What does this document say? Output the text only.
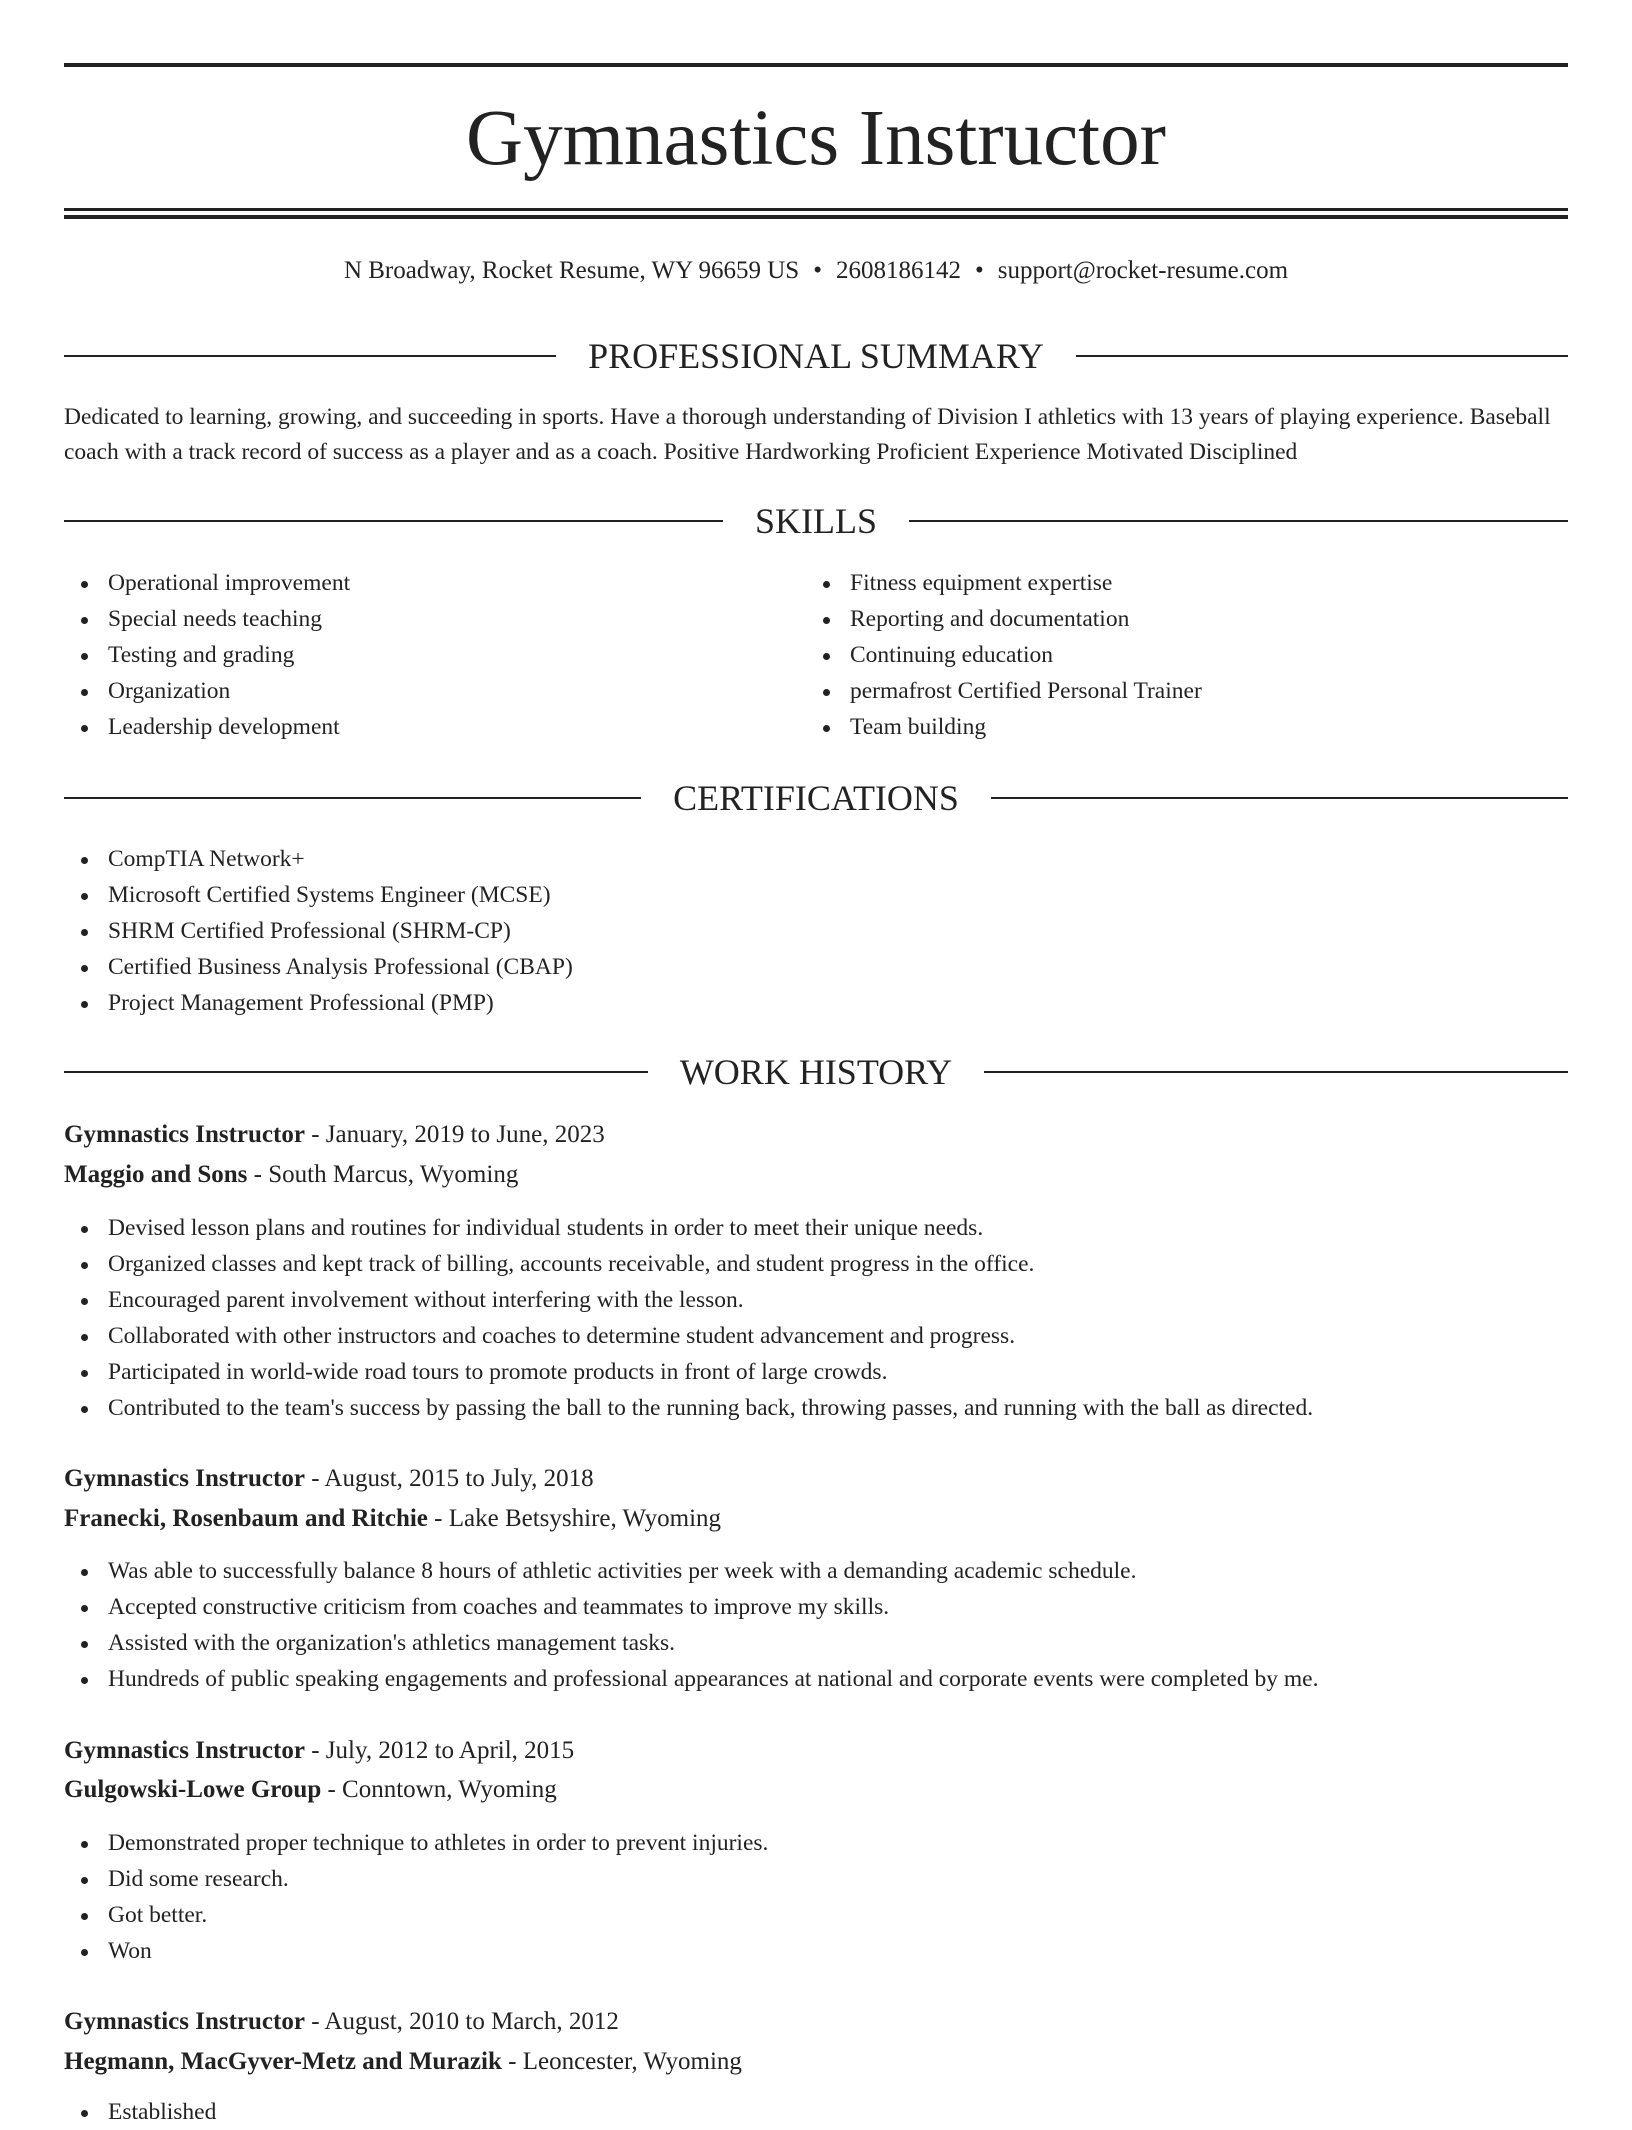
Gymnastics Instructor
N Broadway, Rocket Resume, WY 96659 US • 2608186142 • support@rocket-resume.com
PROFESSIONAL SUMMARY
Dedicated to learning, growing, and succeeding in sports. Have a thorough understanding of Division I athletics with 13 years of playing experience. Baseball coach with a track record of success as a player and as a coach. Positive Hardworking Proficient Experience Motivated Disciplined
SKILLS
Operational improvement
Special needs teaching
Testing and grading
Organization
Leadership development
Fitness equipment expertise
Reporting and documentation
Continuing education
permafrost Certified Personal Trainer
Team building
CERTIFICATIONS
CompTIA Network+
Microsoft Certified Systems Engineer (MCSE)
SHRM Certified Professional (SHRM-CP)
Certified Business Analysis Professional (CBAP)
Project Management Professional (PMP)
WORK HISTORY
Gymnastics Instructor - January, 2019 to June, 2023
Maggio and Sons - South Marcus, Wyoming
Devised lesson plans and routines for individual students in order to meet their unique needs.
Organized classes and kept track of billing, accounts receivable, and student progress in the office.
Encouraged parent involvement without interfering with the lesson.
Collaborated with other instructors and coaches to determine student advancement and progress.
Participated in world-wide road tours to promote products in front of large crowds.
Contributed to the team's success by passing the ball to the running back, throwing passes, and running with the ball as directed.
Gymnastics Instructor - August, 2015 to July, 2018
Franecki, Rosenbaum and Ritchie - Lake Betsyshire, Wyoming
Was able to successfully balance 8 hours of athletic activities per week with a demanding academic schedule.
Accepted constructive criticism from coaches and teammates to improve my skills.
Assisted with the organization's athletics management tasks.
Hundreds of public speaking engagements and professional appearances at national and corporate events were completed by me.
Gymnastics Instructor - July, 2012 to April, 2015
Gulgowski-Lowe Group - Conntown, Wyoming
Demonstrated proper technique to athletes in order to prevent injuries.
Did some research.
Got better.
Won
Gymnastics Instructor - August, 2010 to March, 2012
Hegmann, MacGyver-Metz and Murazik - Leoncester, Wyoming
Established
